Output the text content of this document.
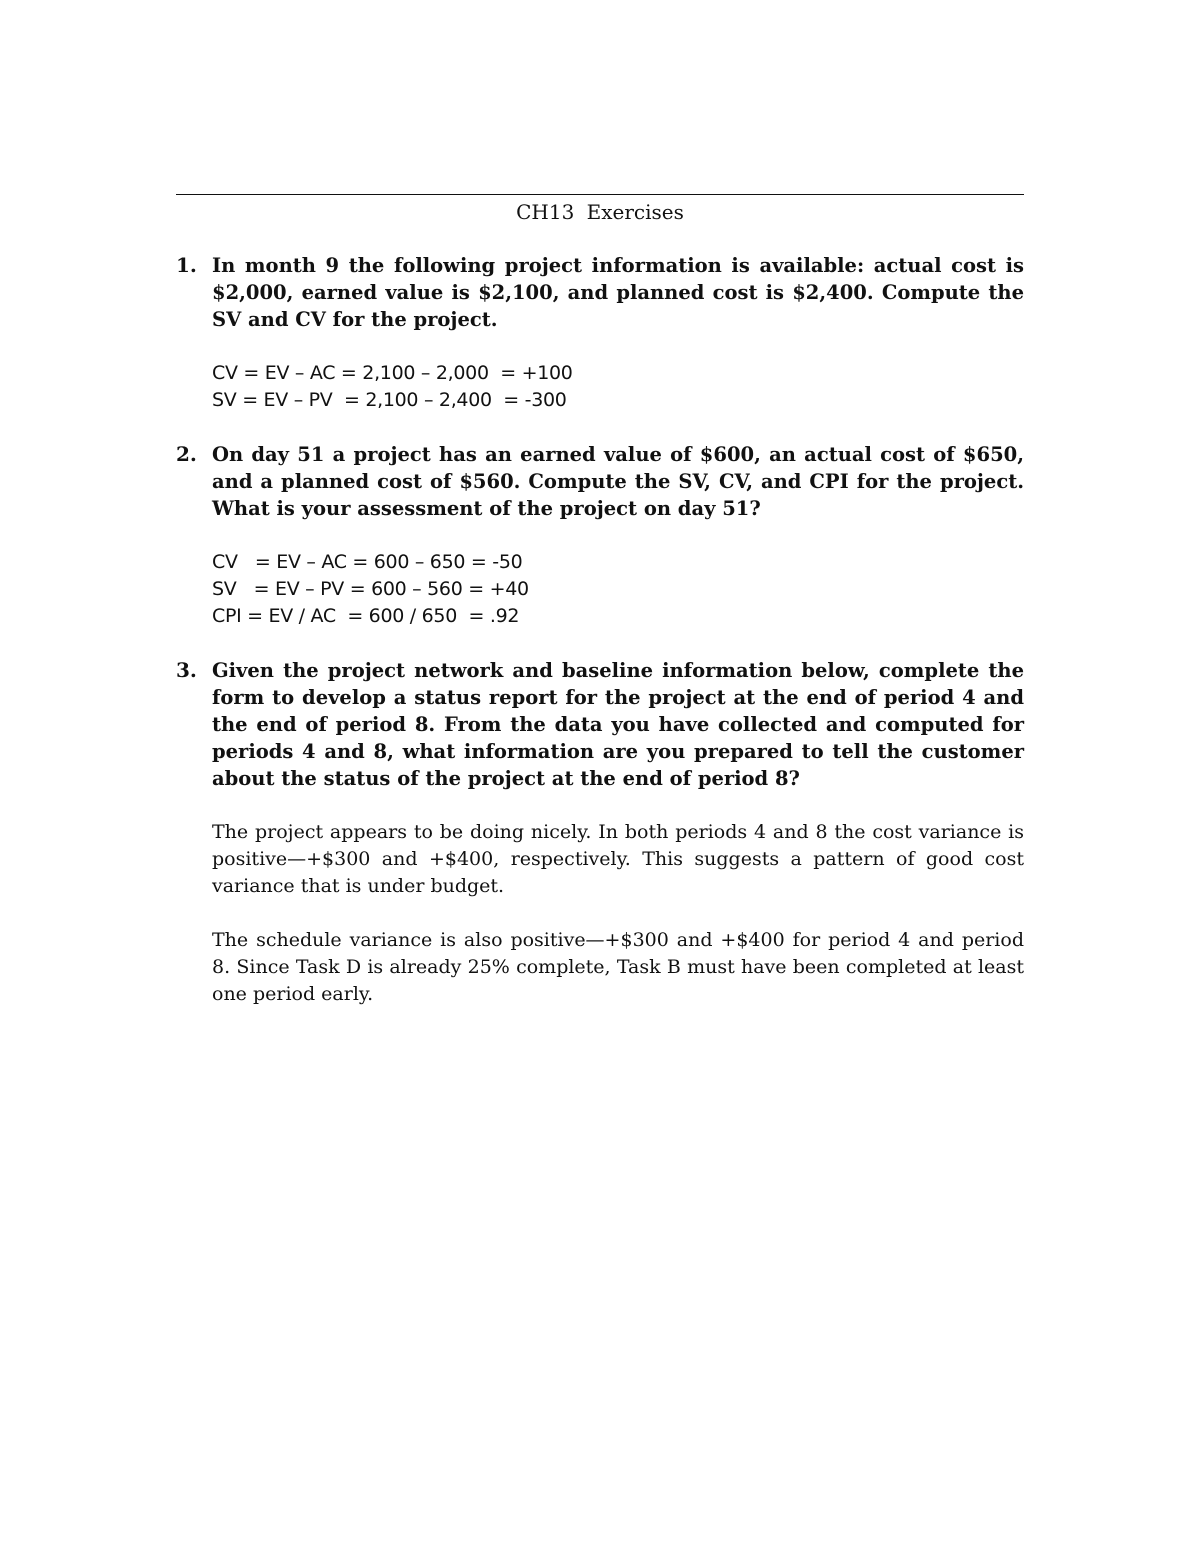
CH13 Exercises
1. In month 9 the following project information is available: actual cost is $2,000, earned value is $2,100, and planned cost is $2,400. Compute the SV and CV for the project.
CV = EV – AC = 2,100 – 2,000  = +100
SV = EV – PV  = 2,100 – 2,400  = -300
2. On day 51 a project has an earned value of $600, an actual cost of $650, and a planned cost of $560. Compute the SV, CV, and CPI for the project. What is your assessment of the project on day 51?
CV   = EV – AC = 600 – 650 = -50
SV   = EV – PV = 600 – 560 = +40
CPI = EV / AC  = 600 / 650  = .92
3. Given the project network and baseline information below, complete the form to develop a status report for the project at the end of period 4 and the end of period 8. From the data you have collected and computed for periods 4 and 8, what information are you prepared to tell the customer about the status of the project at the end of period 8?
The project appears to be doing nicely. In both periods 4 and 8 the cost variance is positive—+$300 and +$400, respectively. This suggests a pattern of good cost variance that is under budget.
The schedule variance is also positive—+$300 and +$400 for period 4 and period 8. Since Task D is already 25% complete, Task B must have been completed at least one period early.
